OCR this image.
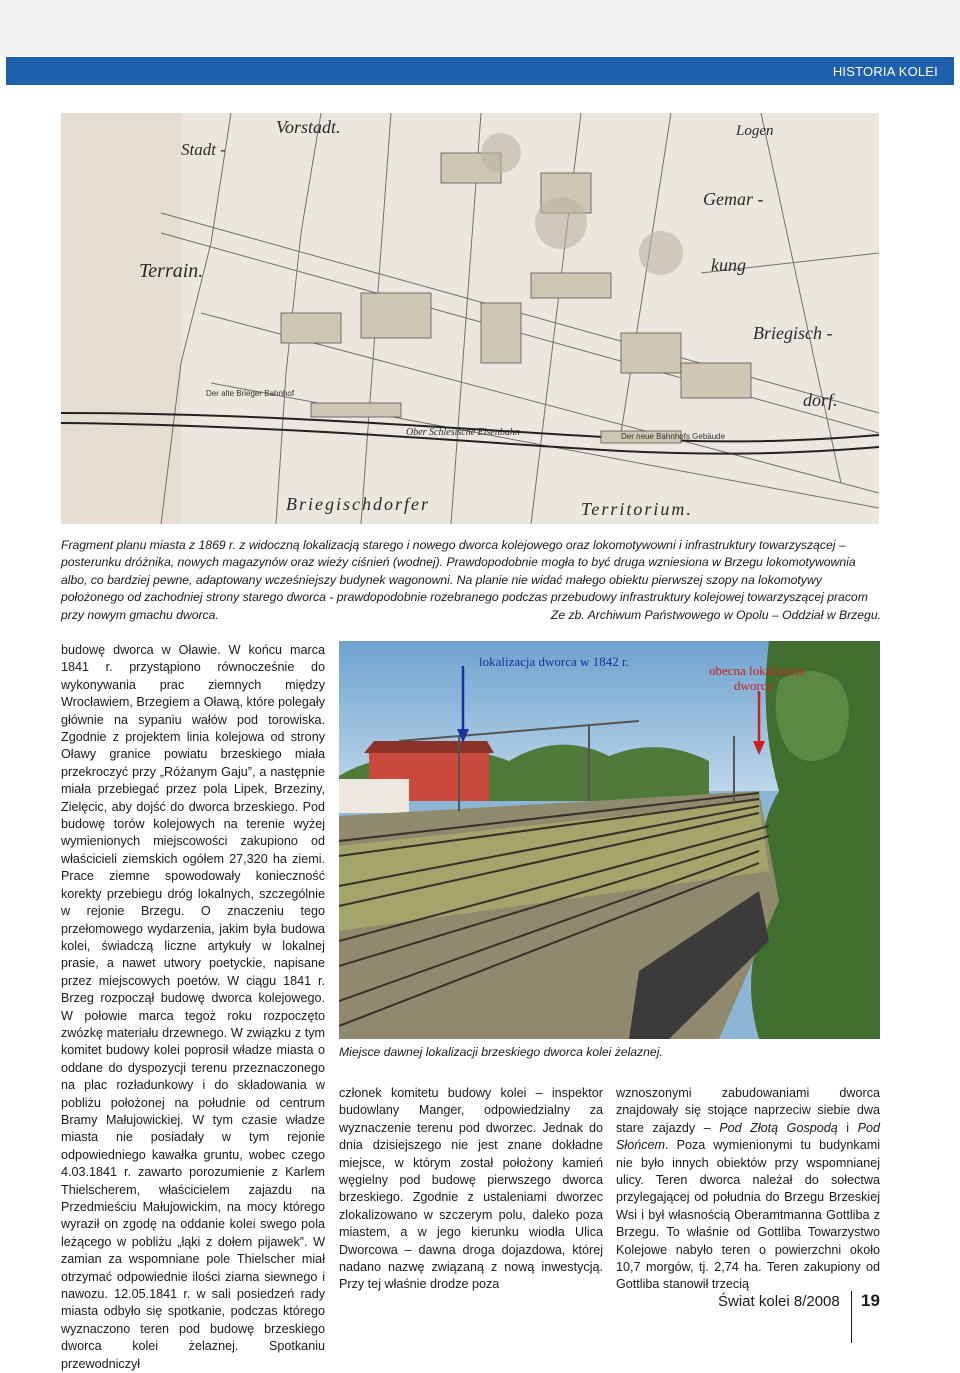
HISTORIA KOLEI
Vorstadt.
Stadt -
Logen
Terrain.
Gemar -
kung
Briegisch -
dorf.
Der alte Brieger Bahnhof
Der neue Bahnhofs Gebäude
Ober Schlesische Eisenbahn
Briegischdorfer	Territorium.
Fragment planu miasta z 1869 r. z widoczną lokalizacją starego i nowego dworca kolejowego oraz lokomotywowni i infrastruktury towarzyszącej – posterunku dróżnika, nowych magazynów oraz wieży ciśnień (wodnej). Prawdopodobnie mogła to być druga wzniesiona w Brzegu lokomotywownia albo, co bardziej pewne, adaptowany wcześniejszy budynek wagonowni. Na planie nie widać małego obiektu pierwszej szopy na lokomotywy położonego od zachodniej strony starego dworca - prawdopodobnie rozebranego podczas przebudowy infrastruktury kolejowej towarzyszącej pracom przy nowym gmachu dworca.	Ze zb. Archiwum Państwowego w Opolu – Oddział w Brzegu.

budowę dworca w Oławie. W końcu marca 1841 r. przystąpiono równocześnie do wykonywania prac ziemnych między Wrocławiem, Brzegiem a Oławą, które polegały głównie na sypaniu wałów pod torowiska. Zgodnie z projektem linia kolejowa od strony Oławy granice powiatu brzeskiego miała przekroczyć przy „Różanym Gaju”, a następnie miała przebiegać przez pola Lipek, Brzeziny, Zielęcic, aby dojść do dworca brzeskiego. Pod budowę torów kolejowych na terenie wyżej wymienionych miejscowości zakupiono od właścicieli ziemskich ogółem 27,320 ha ziemi. Prace ziemne spowodowały konieczność korekty przebiegu dróg lokalnych, szczególnie w rejonie Brzegu. O znaczeniu tego przełomowego wydarzenia, jakim była budowa kolei, świadczą liczne artykuły w lokalnej prasie, a nawet utwory poetyckie, napisane przez miejscowych poetów. W ciągu 1841 r. Brzeg rozpoczął budowę dworca kolejowego. W połowie marca tegoż roku rozpoczęto zwózkę materiału drzewnego. W związku z tym komitet budowy kolei poprosił władze miasta o oddane do dyspozycji terenu przeznaczonego na plac rozładunkowy i do składowania w pobliżu położonej na południe od centrum Bramy Małujowickiej. W tym czasie władze miasta nie posiadały w tym rejonie odpowiedniego kawałka gruntu, wobec czego 4.03.1841 r. zawarto porozumienie z Karlem Thielscherem, właścicielem zajazdu na Przedmieściu Małujowickim, na mocy którego wyraził on zgodę na oddanie kolei swego pola leżącego w pobliżu „łąki z dołem pijawek”. W zamian za wspomniane pole Thielscher miał otrzymać odpowiednie ilości ziarna siewnego i nawozu. 12.05.1841 r. w sali posiedzeń rady miasta odbyło się spotkanie, podczas którego wyznaczono teren pod budowę brzeskiego dworca kolei żelaznej. Spotkaniu przewodniczył

lokalizacja dworca w 1842 r.
obecna lokalizacja
dworca
Miejsce dawnej lokalizacji brzeskiego dworca kolei żelaznej.

członek komitetu budowy kolei – inspektor budowlany Manger, odpowiedzialny za wyznaczenie terenu pod dworzec. Jednak do dnia dzisiejszego nie jest znane dokładne miejsce, w którym został położony kamień węgielny pod budowę pierwszego dworca brzeskiego. Zgodnie z ustaleniami dworzec zlokalizowano w szczerym polu, daleko poza miastem, a w jego kierunku wiodła Ulica Dworcowa – dawna droga dojazdowa, której nadano nazwę związaną z nową inwestycją. Przy tej właśnie drodze poza

wznoszonymi zabudowaniami dworca znajdowały się stojące naprzeciw siebie dwa stare zajazdy – Pod Złotą Gospodą i Pod Słońcem. Poza wymienionymi tu budynkami nie było innych obiektów przy wspomnianej ulicy. Teren dworca należał do sołectwa przylegającej od południa do Brzegu Brzeskiej Wsi i był własnością Oberamtmanna Gottliba z Brzegu. To właśnie od Gottliba Towarzystwo Kolejowe nabyło teren o powierzchni około 10,7 morgów, tj. 2,74 ha. Teren zakupiony od Gottliba stanowił trzecią

Świat kolei 8/2008 19
